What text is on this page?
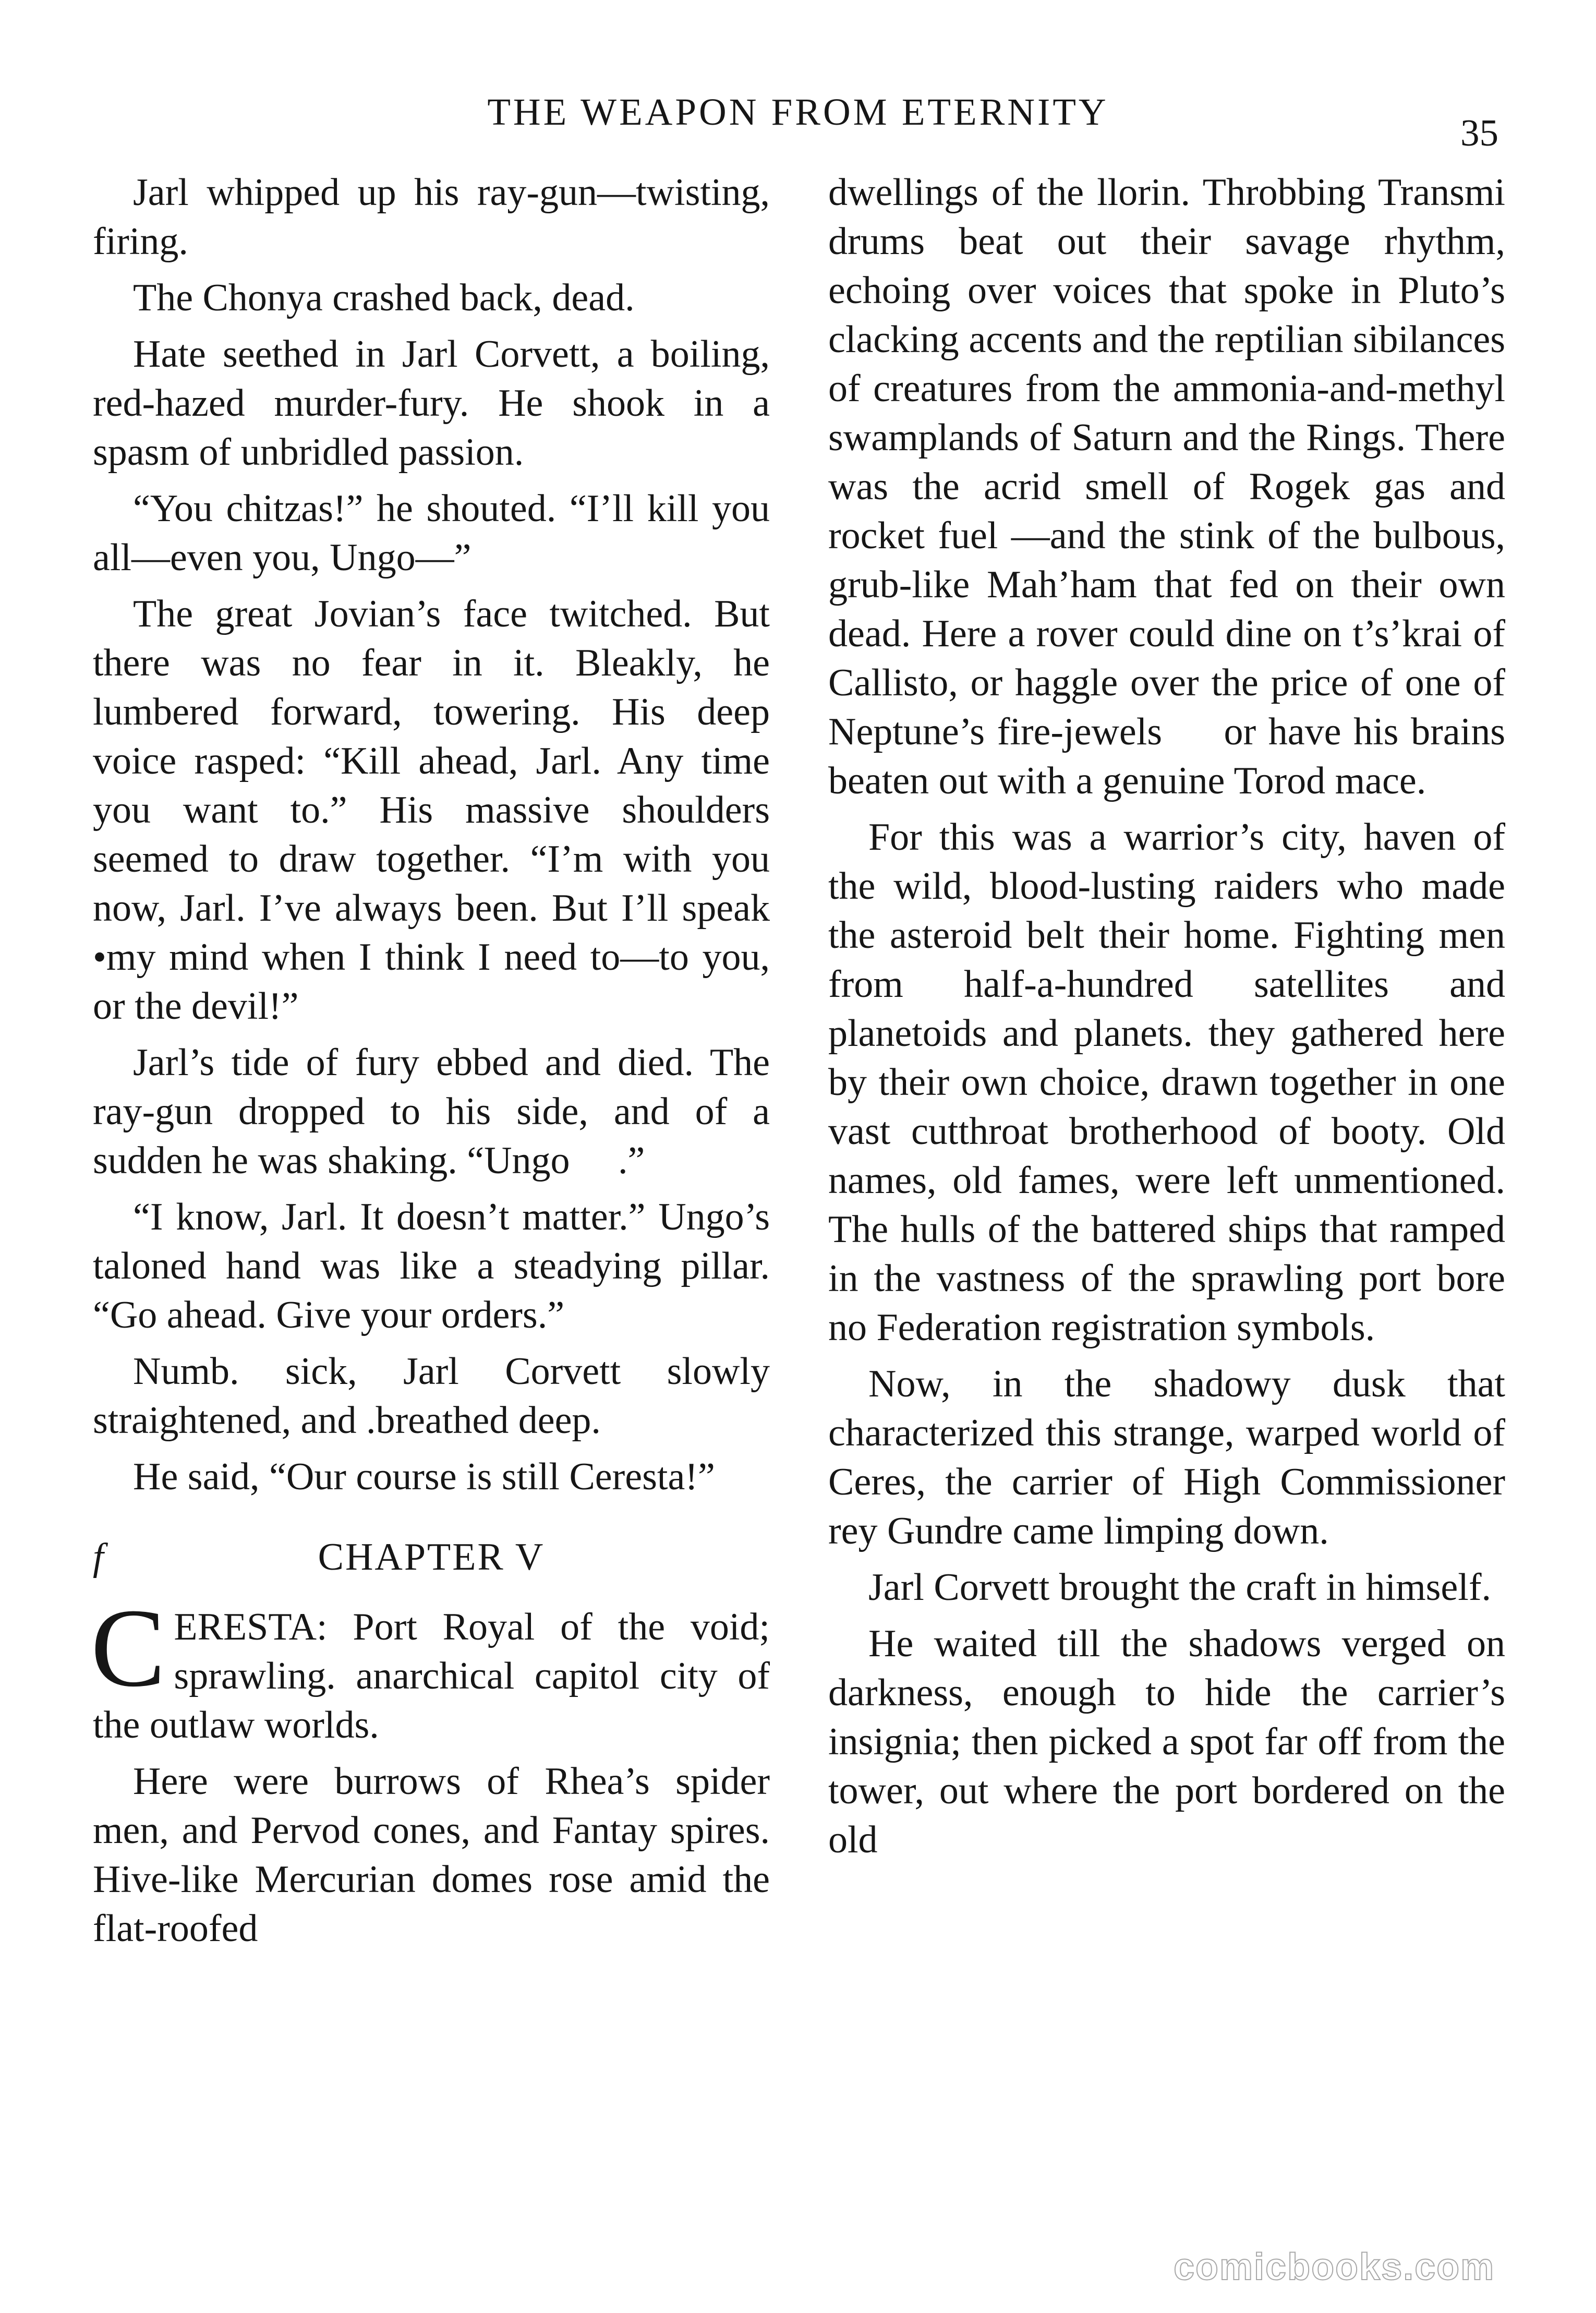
THE WEAPON FROM ETERNITY	35

Jarl whipped up his ray-gun—twisting, firing.

The Chonya crashed back, dead.

Hate seethed in Jarl Corvett, a boiling, red-hazed murder-fury. He shook in a spasm of unbridled passion.

“You chitzas!” he shouted. “I’ll kill you all—even you, Ungo—”

The great Jovian’s face twitched. But there was no fear in it. Bleakly, he lumbered forward, towering. His deep voice rasped: “Kill ahead, Jarl. Any time you want to.” His massive shoulders seemed to draw together. “I’m with you now, Jarl. I’ve always been. But I’ll speak •my mind when I think I need to—to you, or the devil!”

Jarl’s tide of fury ebbed and died. The ray-gun dropped to his side, and of a sudden he was shaking. “Ungo     .”

“I know, Jarl. It doesn’t matter.” Ungo’s taloned hand was like a steadying pillar. “Go ahead. Give your orders.”

Numb. sick, Jarl Corvett slowly straightened, and .breathed deep.

He said, “Our course is still Ceresta!”

f	CHAPTER V

CERESTA: Port Royal of the void; sprawling. anarchical capitol city of the outlaw worlds.

Here were burrows of Rhea’s spider men, and Pervod cones, and Fantay spires. Hive-like Mercurian domes rose amid the flat-roofed

dwellings of the llorin. Throbbing Transmi drums beat out their savage rhythm, echoing over voices that spoke in Pluto’s clacking accents and the reptilian sibilances of creatures from the ammonia-and-methyl swamplands of Saturn and the Rings. There was the acrid smell of Rogek gas and rocket fuel —and the stink of the bulbous, grub-like Mah’ham that fed on their own dead. Here a rover could dine on t’s’krai of Callisto, or haggle over the price of one of Neptune’s fire-jewels     or have his brains beaten out with a genuine Torod mace.

For this was a warrior’s city, haven of the wild, blood-lusting raiders who made the asteroid belt their home. Fighting men from half-a-hundred satellites and planetoids and planets. they gathered here by their own choice, drawn together in one vast cutthroat brotherhood of booty. Old names, old fames, were left unmentioned. The hulls of the battered ships that ramped in the vastness of the sprawling port bore no Federation registration symbols.

Now, in the shadowy dusk that characterized this strange, warped world of Ceres, the carrier of High Commissioner rey Gundre came limping down.

Jarl Corvett brought the craft in himself.

He waited till the shadows verged on darkness, enough to hide the carrier’s insignia; then picked a spot far off from the tower, out where the port bordered on the old

comicbooks.com
